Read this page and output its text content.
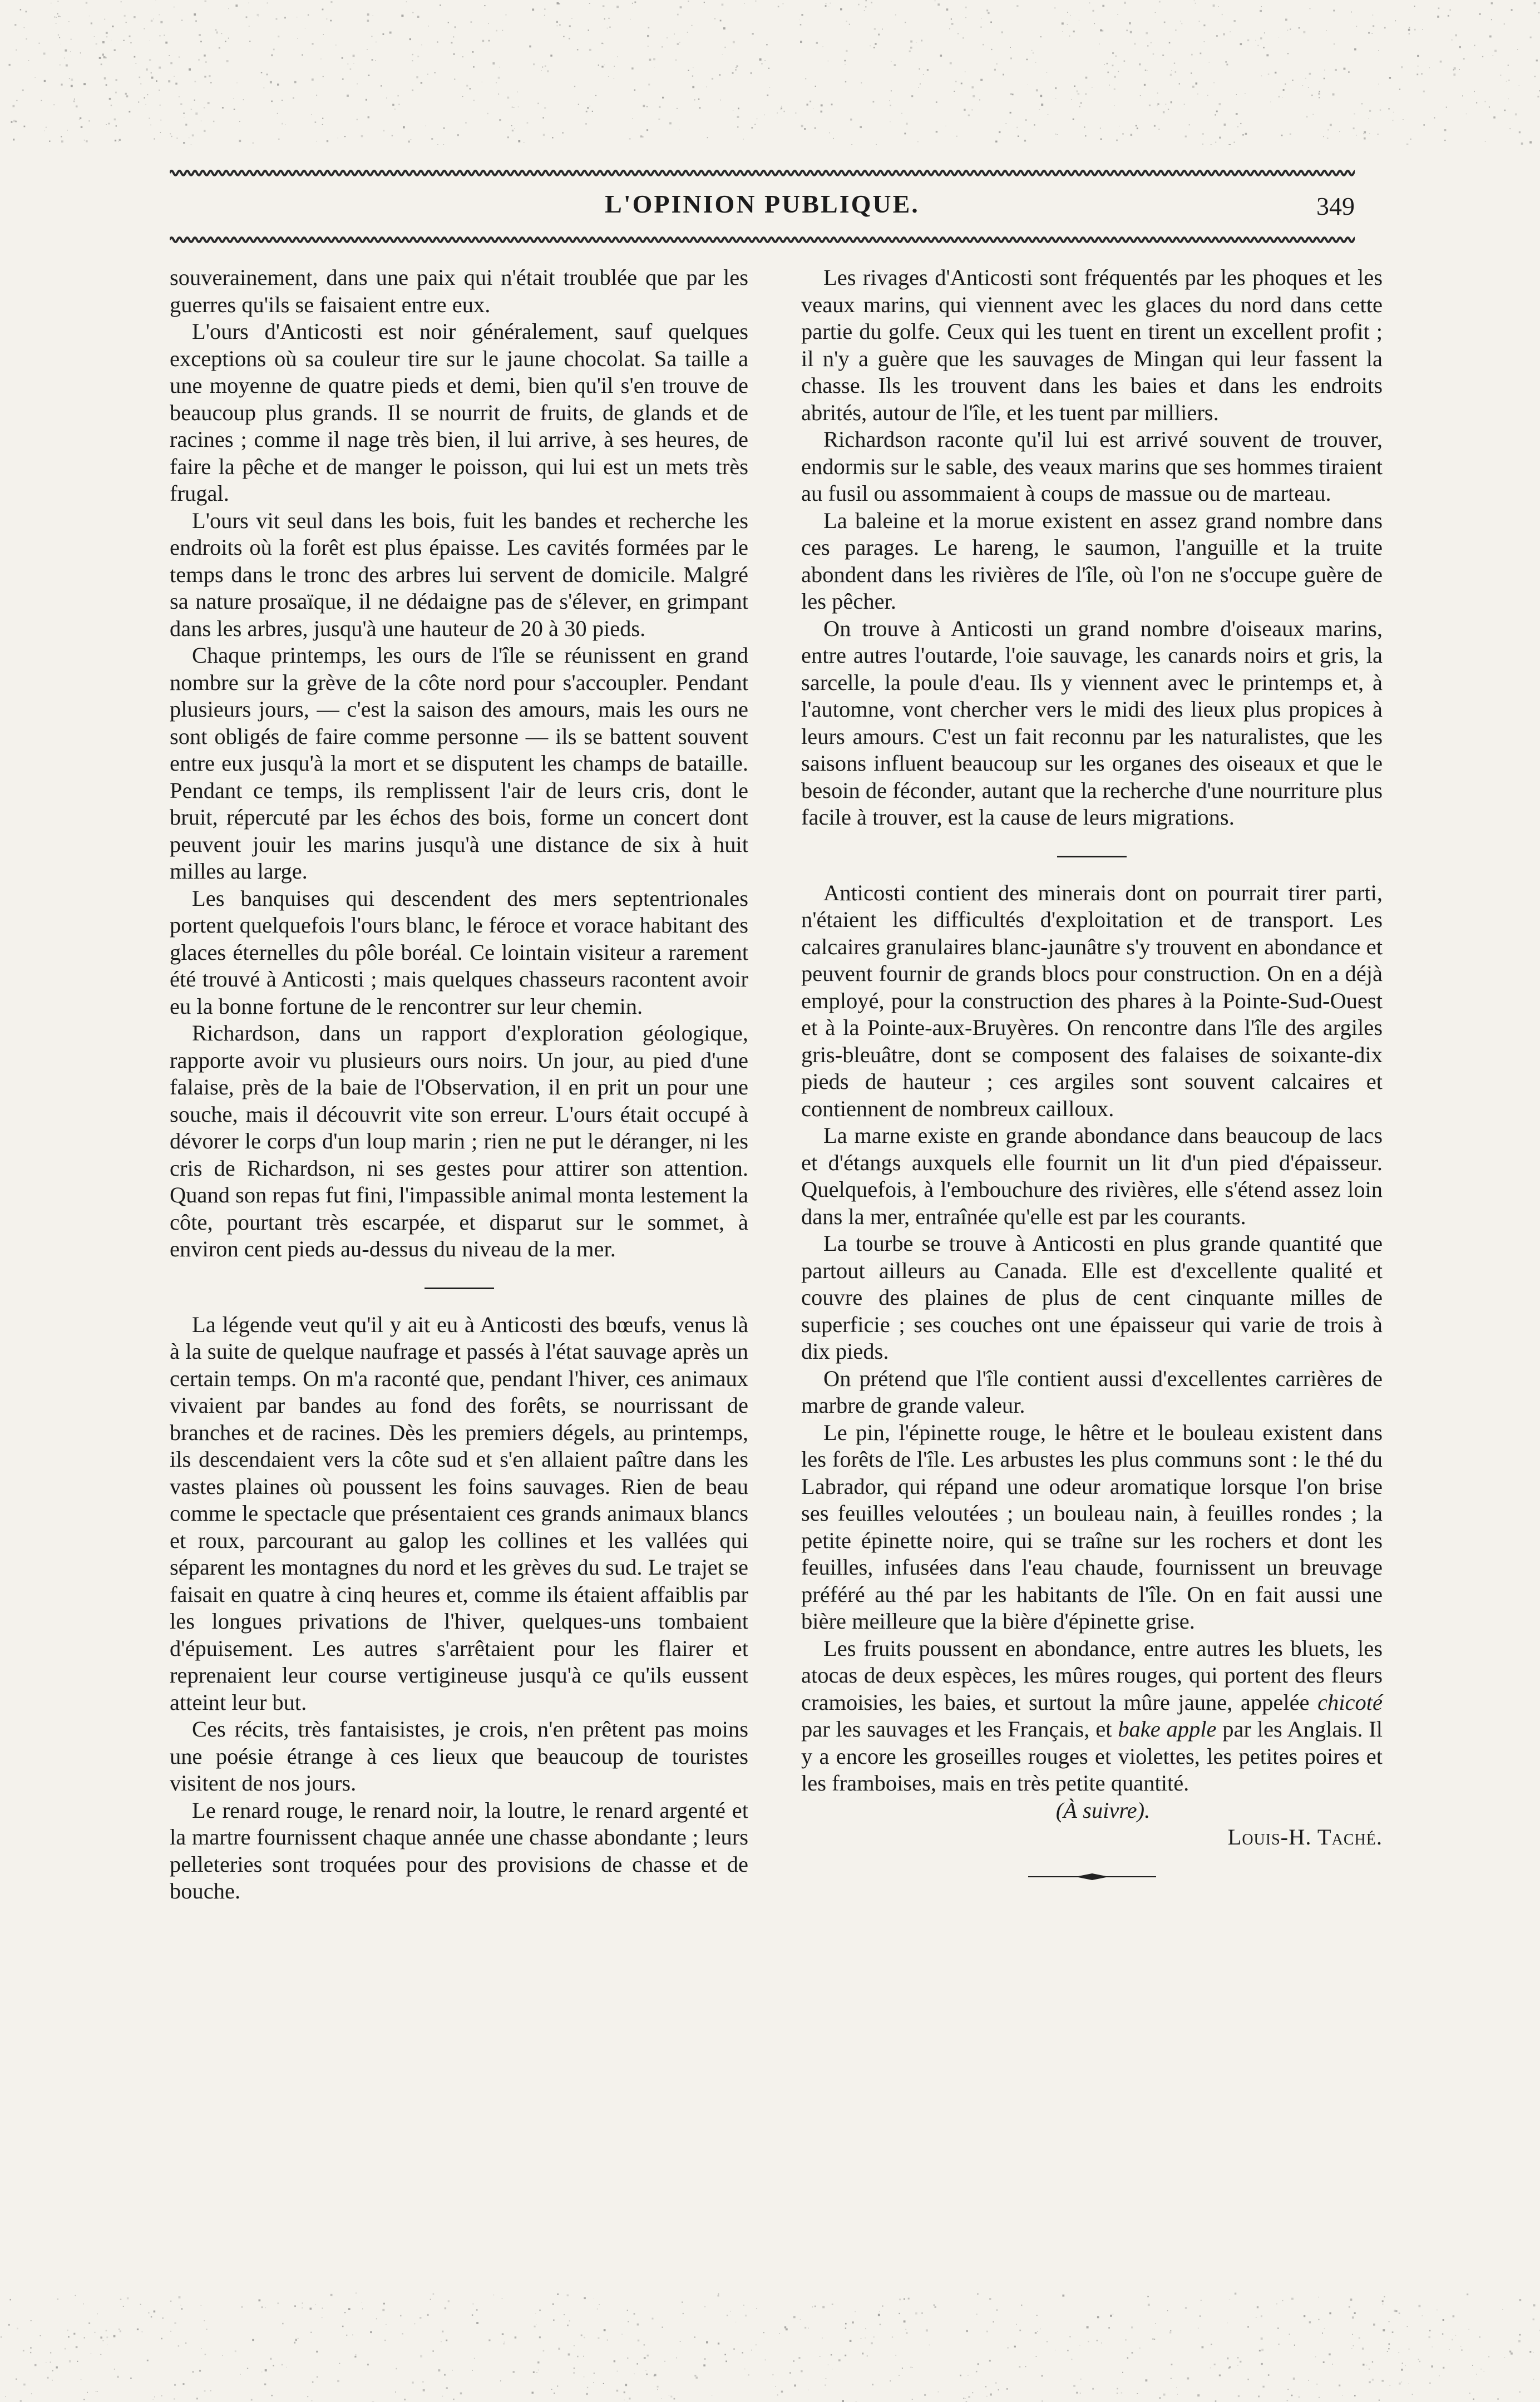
L'OPINION PUBLIQUE.	349

souverainement, dans une paix qui n'était troublée que par les guerres qu'ils se faisaient entre eux.

L'ours d'Anticosti est noir généralement, sauf quelques exceptions où sa couleur tire sur le jaune chocolat. Sa taille a une moyenne de quatre pieds et demi, bien qu'il s'en trouve de beaucoup plus grands. Il se nourrit de fruits, de glands et de racines ; comme il nage très bien, il lui arrive, à ses heures, de faire la pêche et de manger le poisson, qui lui est un mets très frugal.

L'ours vit seul dans les bois, fuit les bandes et recherche les endroits où la forêt est plus épaisse. Les cavités formées par le temps dans le tronc des arbres lui servent de domicile. Malgré sa nature prosaïque, il ne dédaigne pas de s'élever, en grimpant dans les arbres, jusqu'à une hauteur de 20 à 30 pieds.

Chaque printemps, les ours de l'île se réunissent en grand nombre sur la grève de la côte nord pour s'accoupler. Pendant plusieurs jours, — c'est la saison des amours, mais les ours ne sont obligés de faire comme personne — ils se battent souvent entre eux jusqu'à la mort et se disputent les champs de bataille. Pendant ce temps, ils remplissent l'air de leurs cris, dont le bruit, répercuté par les échos des bois, forme un concert dont peuvent jouir les marins jusqu'à une distance de six à huit milles au large.

Les banquises qui descendent des mers septentrionales portent quelquefois l'ours blanc, le féroce et vorace habitant des glaces éternelles du pôle boréal. Ce lointain visiteur a rarement été trouvé à Anticosti ; mais quelques chasseurs racontent avoir eu la bonne fortune de le rencontrer sur leur chemin.

Richardson, dans un rapport d'exploration géologique, rapporte avoir vu plusieurs ours noirs. Un jour, au pied d'une falaise, près de la baie de l'Observation, il en prit un pour une souche, mais il découvrit vite son erreur. L'ours était occupé à dévorer le corps d'un loup marin ; rien ne put le déranger, ni les cris de Richardson, ni ses gestes pour attirer son attention. Quand son repas fut fini, l'impassible animal monta lestement la côte, pourtant très escarpée, et disparut sur le sommet, à environ cent pieds au-dessus du niveau de la mer.

La légende veut qu'il y ait eu à Anticosti des bœufs, venus là à la suite de quelque naufrage et passés à l'état sauvage après un certain temps. On m'a raconté que, pendant l'hiver, ces animaux vivaient par bandes au fond des forêts, se nourrissant de branches et de racines. Dès les premiers dégels, au printemps, ils descendaient vers la côte sud et s'en allaient paître dans les vastes plaines où poussent les foins sauvages. Rien de beau comme le spectacle que présentaient ces grands animaux blancs et roux, parcourant au galop les collines et les vallées qui séparent les montagnes du nord et les grèves du sud. Le trajet se faisait en quatre à cinq heures et, comme ils étaient affaiblis par les longues privations de l'hiver, quelques-uns tombaient d'épuisement. Les autres s'arrêtaient pour les flairer et reprenaient leur course vertigineuse jusqu'à ce qu'ils eussent atteint leur but.

Ces récits, très fantaisistes, je crois, n'en prêtent pas moins une poésie étrange à ces lieux que beaucoup de touristes visitent de nos jours.

Le renard rouge, le renard noir, la loutre, le renard argenté et la martre fournissent chaque année une chasse abondante ; leurs pelleteries sont troquées pour des provisions de chasse et de bouche.

Les rivages d'Anticosti sont fréquentés par les phoques et les veaux marins, qui viennent avec les glaces du nord dans cette partie du golfe. Ceux qui les tuent en tirent un excellent profit ; il n'y a guère que les sauvages de Mingan qui leur fassent la chasse. Ils les trouvent dans les baies et dans les endroits abrités, autour de l'île, et les tuent par milliers.

Richardson raconte qu'il lui est arrivé souvent de trouver, endormis sur le sable, des veaux marins que ses hommes tiraient au fusil ou assommaient à coups de massue ou de marteau.

La baleine et la morue existent en assez grand nombre dans ces parages. Le hareng, le saumon, l'anguille et la truite abondent dans les rivières de l'île, où l'on ne s'occupe guère de les pêcher.

On trouve à Anticosti un grand nombre d'oiseaux marins, entre autres l'outarde, l'oie sauvage, les canards noirs et gris, la sarcelle, la poule d'eau. Ils y viennent avec le printemps et, à l'automne, vont chercher vers le midi des lieux plus propices à leurs amours. C'est un fait reconnu par les naturalistes, que les saisons influent beaucoup sur les organes des oiseaux et que le besoin de féconder, autant que la recherche d'une nourriture plus facile à trouver, est la cause de leurs migrations.

Anticosti contient des minerais dont on pourrait tirer parti, n'étaient les difficultés d'exploitation et de transport. Les calcaires granulaires blanc-jaunâtre s'y trouvent en abondance et peuvent fournir de grands blocs pour construction. On en a déjà employé, pour la construction des phares à la Pointe-Sud-Ouest et à la Pointe-aux-Bruyères. On rencontre dans l'île des argiles gris-bleuâtre, dont se composent des falaises de soixante-dix pieds de hauteur ; ces argiles sont souvent calcaires et contiennent de nombreux cailloux.

La marne existe en grande abondance dans beaucoup de lacs et d'étangs auxquels elle fournit un lit d'un pied d'épaisseur. Quelquefois, à l'embouchure des rivières, elle s'étend assez loin dans la mer, entraînée qu'elle est par les courants.

La tourbe se trouve à Anticosti en plus grande quantité que partout ailleurs au Canada. Elle est d'excellente qualité et couvre des plaines de plus de cent cinquante milles de superficie ; ses couches ont une épaisseur qui varie de trois à dix pieds.

On prétend que l'île contient aussi d'excellentes carrières de marbre de grande valeur.

Le pin, l'épinette rouge, le hêtre et le bouleau existent dans les forêts de l'île. Les arbustes les plus communs sont : le thé du Labrador, qui répand une odeur aromatique lorsque l'on brise ses feuilles veloutées ; un bouleau nain, à feuilles rondes ; la petite épinette noire, qui se traîne sur les rochers et dont les feuilles, infusées dans l'eau chaude, fournissent un breuvage préféré au thé par les habitants de l'île. On en fait aussi une bière meilleure que la bière d'épinette grise.

Les fruits poussent en abondance, entre autres les bluets, les atocas de deux espèces, les mûres rouges, qui portent des fleurs cramoisies, les baies, et surtout la mûre jaune, appelée chicoté par les sauvages et les Français, et bake apple par les Anglais. Il y a encore les groseilles rouges et violettes, les petites poires et les framboises, mais en très petite quantité.

(À suivre).

Louis-H. Taché.
